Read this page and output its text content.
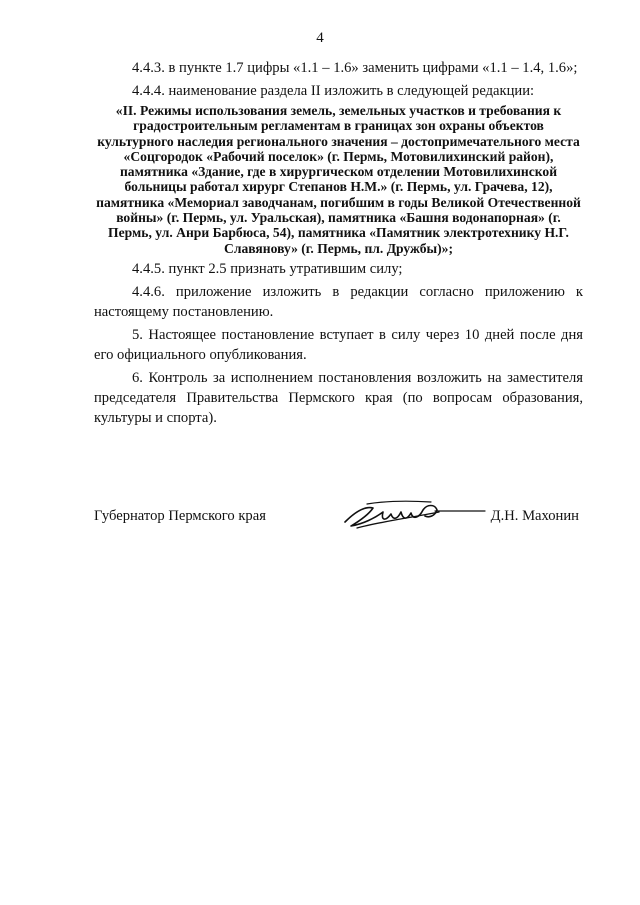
4

4.4.3. в пункте 1.7 цифры «1.1 – 1.6» заменить цифрами «1.1 – 1.4, 1.6»;

4.4.4. наименование раздела II изложить в следующей редакции:

«II. Режимы использования земель, земельных участков и требования к градостроительным регламентам в границах зон охраны объектов культурного наследия регионального значения – достопримечательного места «Соцгородок «Рабочий поселок» (г. Пермь, Мотовилихинский район), памятника «Здание, где в хирургическом отделении Мотовилихинской больницы работал хирург Степанов Н.М.» (г. Пермь, ул. Грачева, 12), памятника «Мемориал заводчанам, погибшим в годы Великой Отечественной войны» (г. Пермь, ул. Уральская), памятника «Башня водонапорная» (г. Пермь, ул. Анри Барбюса, 54), памятника «Памятник электротехнику Н.Г. Славянову» (г. Пермь, пл. Дружбы)»;

4.4.5. пункт 2.5 признать утратившим силу;

4.4.6. приложение изложить в редакции согласно приложению к настоящему постановлению.

5. Настоящее постановление вступает в силу через 10 дней после дня его официального опубликования.

6. Контроль за исполнением постановления возложить на заместителя председателя Правительства Пермского края (по вопросам образования, культуры и спорта).

Губернатор Пермского края	Д.Н. Махонин
